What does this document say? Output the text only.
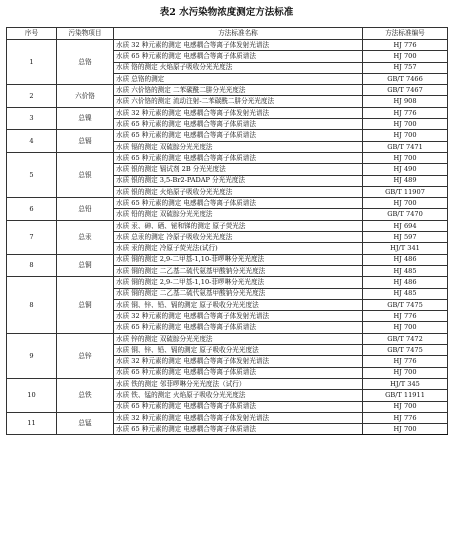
表2 水污染物浓度测定方法标准
序号	污染物项目	方法标准名称	方法标准编号
1	总铬	水质 32 种元素的测定 电感耦合等离子体发射光谱法	HJ 776
		水质 65 种元素的测定 电感耦合等离子体质谱法	HJ 700
		水质 铬的测定 火焰原子吸收分光光度法	HJ 757
		水质 总铬的测定	GB/T 7466
2	六价铬	水质 六价铬的测定 二苯碳酰二肼分光光度法	GB/T 7467
		水质 六价铬的测定 流动注射-二苯碳酰二肼分光光度法	HJ 908
3	总镍	水质 32 种元素的测定 电感耦合等离子体发射光谱法	HJ 776
		水质 65 种元素的测定 电感耦合等离子体质谱法	HJ 700
4	总镉	水质 65 种元素的测定 电感耦合等离子体质谱法	HJ 700
		水质 镉的测定 双硫腙分光光度法	GB/T 7471
5	总银	水质 65 种元素的测定 电感耦合等离子体质谱法	HJ 700
		水质 银的测定 镉试剂 2B 分光光度法	HJ 490
		水质 银的测定 3,5-Br2-PADAP 分光光度法	HJ 489
		水质 银的测定 火焰原子吸收分光光度法	GB/T 11907
6	总铅	水质 65 种元素的测定 电感耦合等离子体质谱法	HJ 700
		水质 铅的测定 双硫腙分光光度法	GB/T 7470
7	总汞	水质 汞、砷、硒、铋和锑的测定 原子荧光法	HJ 694
		水质 总汞的测定 冷原子吸收分光光度法	HJ 597
		水质 汞的测定 冷原子荧光法(试行)	HJ/T 341
8	总铜	水质 铜的测定 2,9-二甲基-1,10-菲啰啉分光光度法	HJ 486
		水质 铜的测定 二乙基二硫代氨基甲酸钠分光光度法	HJ 485
8	总铜	水质 铜的测定 2,9-二甲基-1,10-菲啰啉分光光度法	HJ 486
		水质 铜的测定 二乙基二硫代氨基甲酸钠分光光度法	HJ 485
		水质 铜、锌、铅、镉的测定 原子吸收分光光度法	GB/T 7475
		水质 32 种元素的测定 电感耦合等离子体发射光谱法	HJ 776
		水质 65 种元素的测定 电感耦合等离子体质谱法	HJ 700
9	总锌	水质 锌的测定 双硫腙分光光度法	GB/T 7472
		水质 铜、锌、铅、镉的测定 原子吸收分光光度法	GB/T 7475
		水质 32 种元素的测定 电感耦合等离子体发射光谱法	HJ 776
		水质 65 种元素的测定 电感耦合等离子体质谱法	HJ 700
10	总铁	水质 铁的测定 邻菲啰啉分光光度法（试行）	HJ/T 345
		水质 铁、锰的测定 火焰原子吸收分光光度法	GB/T 11911
		水质 65 种元素的测定 电感耦合等离子体质谱法	HJ 700
11	总锰	水质 32 种元素的测定 电感耦合等离子体发射光谱法	HJ 776
		水质 65 种元素的测定 电感耦合等离子体质谱法	HJ 700
